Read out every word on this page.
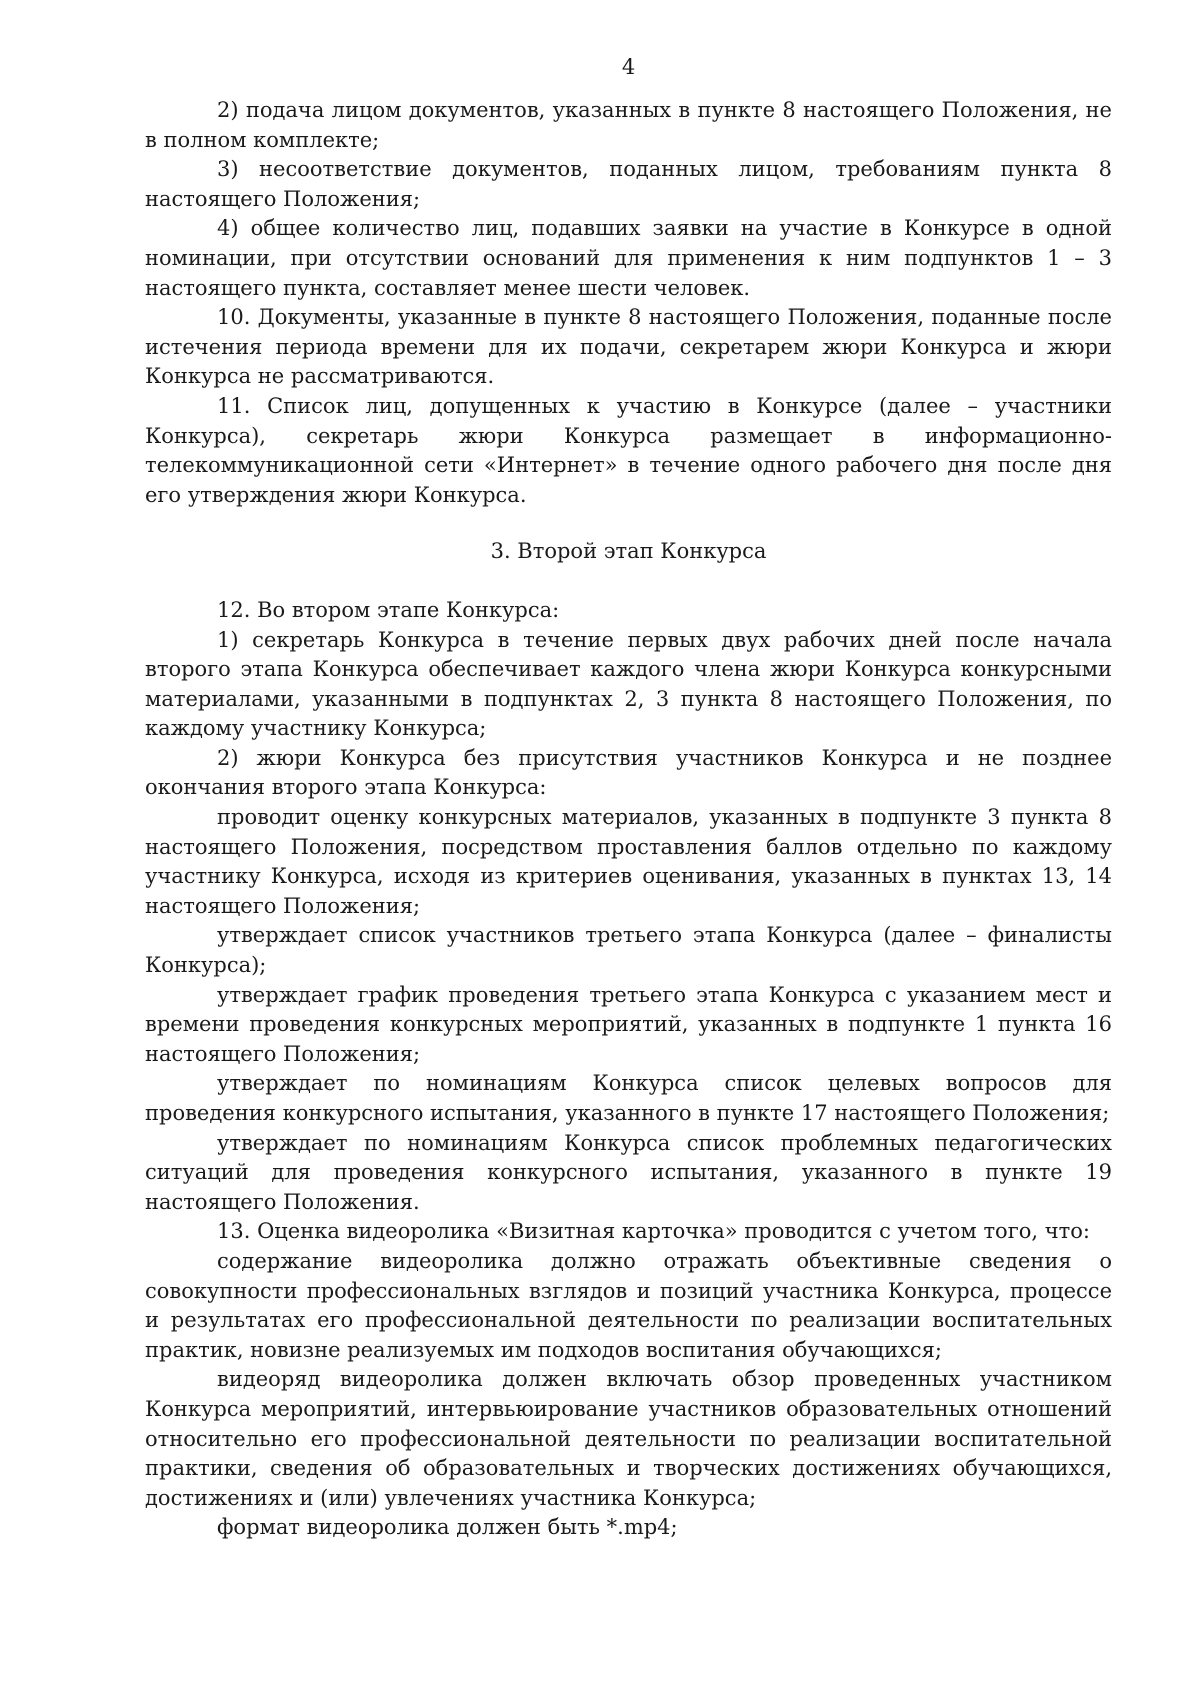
4

2) подача лицом документов, указанных в пункте 8 настоящего Положения, не в полном комплекте;

3) несоответствие документов, поданных лицом, требованиям пункта 8 настоящего Положения;

4) общее количество лиц, подавших заявки на участие в Конкурсе в одной номинации, при отсутствии оснований для применения к ним подпунктов 1 – 3 настоящего пункта, составляет менее шести человек.

10. Документы, указанные в пункте 8 настоящего Положения, поданные после истечения периода времени для их подачи, секретарем жюри Конкурса и жюри Конкурса не рассматриваются.

11. Список лиц, допущенных к участию в Конкурсе (далее – участники Конкурса), секретарь жюри Конкурса размещает в информационно-телекоммуникационной сети «Интернет» в течение одного рабочего дня после дня его утверждения жюри Конкурса.

3. Второй этап Конкурса

12. Во втором этапе Конкурса:

1) секретарь Конкурса в течение первых двух рабочих дней после начала второго этапа Конкурса обеспечивает каждого члена жюри Конкурса конкурсными материалами, указанными в подпунктах 2, 3 пункта 8 настоящего Положения, по каждому участнику Конкурса;

2) жюри Конкурса без присутствия участников Конкурса и не позднее окончания второго этапа Конкурса:

проводит оценку конкурсных материалов, указанных в подпункте 3 пункта 8 настоящего Положения, посредством проставления баллов отдельно по каждому участнику Конкурса, исходя из критериев оценивания, указанных в пунктах 13, 14 настоящего Положения;

утверждает список участников третьего этапа Конкурса (далее – финалисты Конкурса);

утверждает график проведения третьего этапа Конкурса с указанием мест и времени проведения конкурсных мероприятий, указанных в подпункте 1 пункта 16 настоящего Положения;

утверждает по номинациям Конкурса список целевых вопросов для проведения конкурсного испытания, указанного в пункте 17 настоящего Положения;

утверждает по номинациям Конкурса список проблемных педагогических ситуаций для проведения конкурсного испытания, указанного в пункте 19 настоящего Положения.

13. Оценка видеоролика «Визитная карточка» проводится с учетом того, что:

содержание видеоролика должно отражать объективные сведения о совокупности профессиональных взглядов и позиций участника Конкурса, процессе и результатах его профессиональной деятельности по реализации воспитательных практик, новизне реализуемых им подходов воспитания обучающихся;

видеоряд видеоролика должен включать обзор проведенных участником Конкурса мероприятий, интервьюирование участников образовательных отношений относительно его профессиональной деятельности по реализации воспитательной практики, сведения об образовательных и творческих достижениях обучающихся, достижениях и (или) увлечениях участника Конкурса;

формат видеоролика должен быть *.mp4;
